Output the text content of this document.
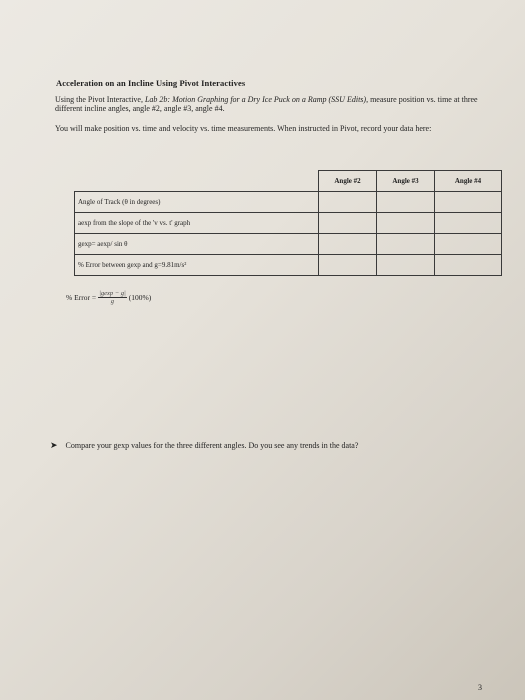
Acceleration on an Incline Using Pivot Interactives
Using the Pivot Interactive, Lab 2b: Motion Graphing for a Dry Ice Puck on a Ramp (SSU Edits), measure position vs. time at three different incline angles, angle #2, angle #3, angle #4.
You will make position vs. time and velocity vs. time measurements. When instructed in Pivot, record your data here:
	Angle #2	Angle #3	Angle #4
Angle of Track (θ in degrees)			
aexp from the slope of the 'v vs. t' graph			
gexp= aexp/ sin θ			
% Error between gexp and g=9.81m/s²			
% Error = $\frac{|gexp - g|}{g} (100\%)$
➤ Compare your gexp values for the three different angles. Do you see any trends in the data?
3
